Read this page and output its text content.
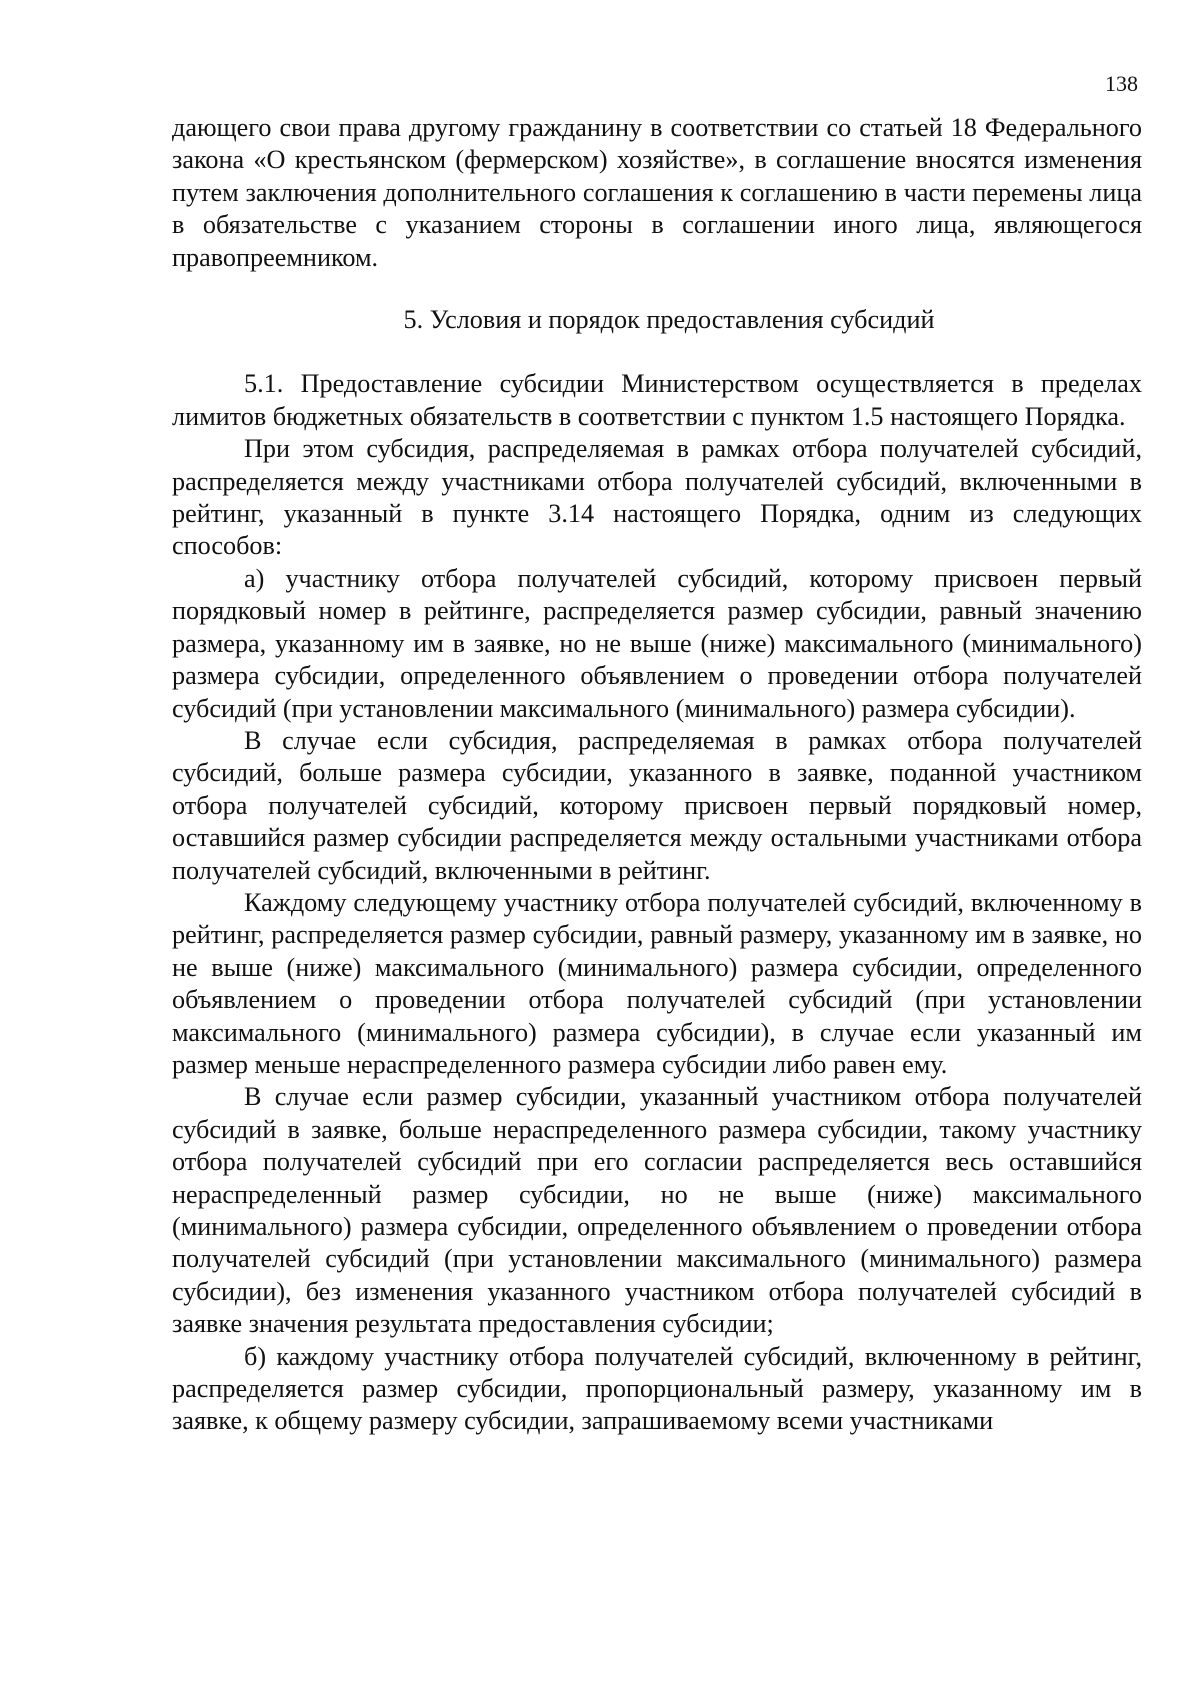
138

дающего свои права другому гражданину в соответствии со статьей 18 Федерального закона «О крестьянском (фермерском) хозяйстве», в соглашение вносятся изменения путем заключения дополнительного соглашения к соглашению в части перемены лица в обязательстве с указанием стороны в соглашении иного лица, являющегося правопреемником.

5. Условия и порядок предоставления субсидий

5.1. Предоставление субсидии Министерством осуществляется в пределах лимитов бюджетных обязательств в соответствии с пунктом 1.5 настоящего Порядка.

При этом субсидия, распределяемая в рамках отбора получателей субсидий, распределяется между участниками отбора получателей субсидий, включенными в рейтинг, указанный в пункте 3.14 настоящего Порядка, одним из следующих способов:

а) участнику отбора получателей субсидий, которому присвоен первый порядковый номер в рейтинге, распределяется размер субсидии, равный значению размера, указанному им в заявке, но не выше (ниже) максимального (минимального) размера субсидии, определенного объявлением о проведении отбора получателей субсидий (при установлении максимального (минимального) размера субсидии).

В случае если субсидия, распределяемая в рамках отбора получателей субсидий, больше размера субсидии, указанного в заявке, поданной участником отбора получателей субсидий, которому присвоен первый порядковый номер, оставшийся размер субсидии распределяется между остальными участниками отбора получателей субсидий, включенными в рейтинг.

Каждому следующему участнику отбора получателей субсидий, включенному в рейтинг, распределяется размер субсидии, равный размеру, указанному им в заявке, но не выше (ниже) максимального (минимального) размера субсидии, определенного объявлением о проведении отбора получателей субсидий (при установлении максимального (минимального) размера субсидии), в случае если указанный им размер меньше нераспределенного размера субсидии либо равен ему.

В случае если размер субсидии, указанный участником отбора получателей субсидий в заявке, больше нераспределенного размера субсидии, такому участнику отбора получателей субсидий при его согласии распределяется весь оставшийся нераспределенный размер субсидии, но не выше (ниже) максимального (минимального) размера субсидии, определенного объявлением о проведении отбора получателей субсидий (при установлении максимального (минимального) размера субсидии), без изменения указанного участником отбора получателей субсидий в заявке значения результата предоставления субсидии;

б) каждому участнику отбора получателей субсидий, включенному в рейтинг, распределяется размер субсидии, пропорциональный размеру, указанному им в заявке, к общему размеру субсидии, запрашиваемому всеми участниками
